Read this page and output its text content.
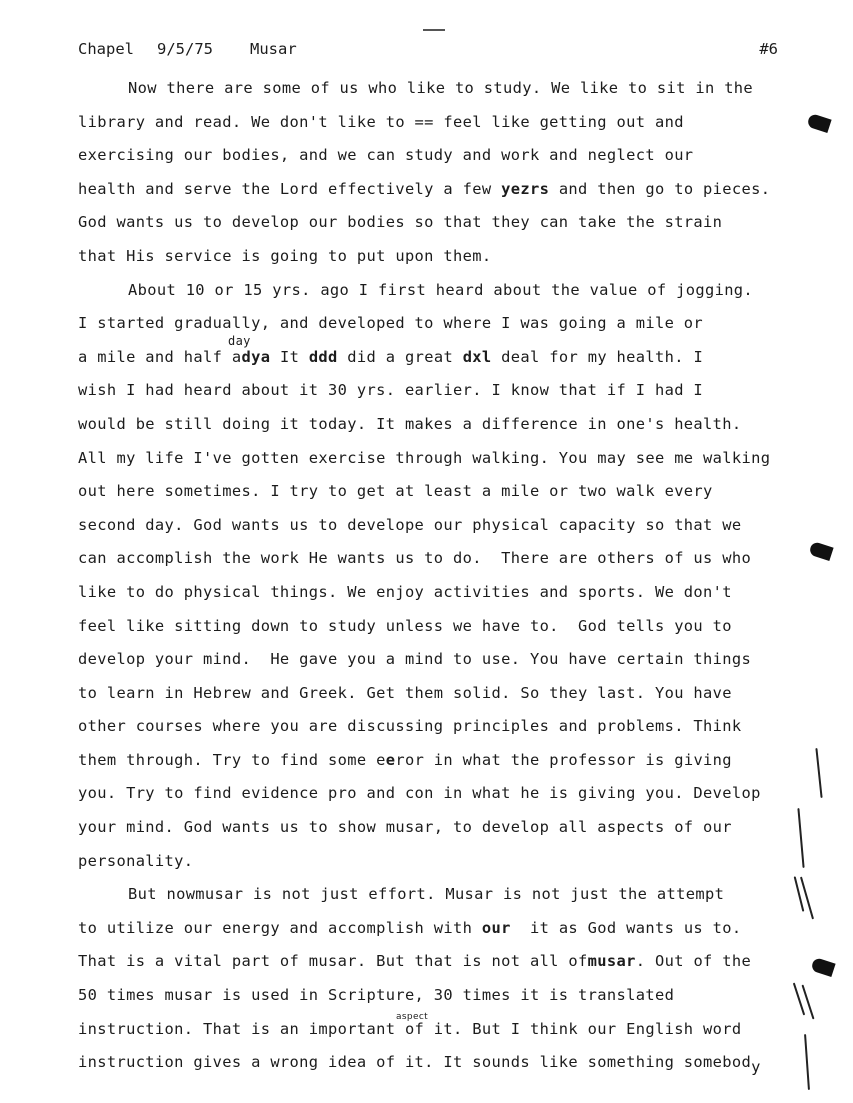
Chapel 9/5/75 Musar	#6
Now there are some of us who like to study. We like to sit in the
library and read. We don't like to == feel like getting out and
exercising our bodies, and we can study and work and neglect our
health and serve the Lord effectively a few yezrs and then go to pieces.
God wants us to develop our bodies so that they can take the strain
that His service is going to put upon them.
About 10 or 15 yrs. ago I first heard about the value of jogging.
I started gradually, and developed to where I was going a mile or
day
a mile and half adya It ddd did a great dxl deal for my health. I
wish I had heard about it 30 yrs. earlier. I know that if I had I
would be still doing it today. It makes a difference in one's health.
All my life I've gotten exercise through walking. You may see me walking
out here sometimes. I try to get at least a mile or two walk every
second day. God wants us to develope our physical capacity so that we
can accomplish the work He wants us to do.  There are others of us who
like to do physical things. We enjoy activities and sports. We don't
feel like sitting down to study unless we have to.  God tells you to
develop your mind.  He gave you a mind to use. You have certain things
to learn in Hebrew and Greek. Get them solid. So they last. You have
other courses where you are discussing principles and problems. Think
them through. Try to find some eeror in what the professor is giving
you. Try to find evidence pro and con in what he is giving you. Develop
your mind. God wants us to show musar, to develop all aspects of our
personality.
But nowmusar is not just effort. Musar is not just the attempt
to utilize our energy and accomplish with our  it as God wants us to.
That is a vital part of musar. But that is not all ofmusar. Out of the
50 times musar is used in Scripture, 30 times it is translated
aspect
instruction. That is an important of it. But I think our English word
instruction gives a wrong idea of it. It sounds like something somebody
